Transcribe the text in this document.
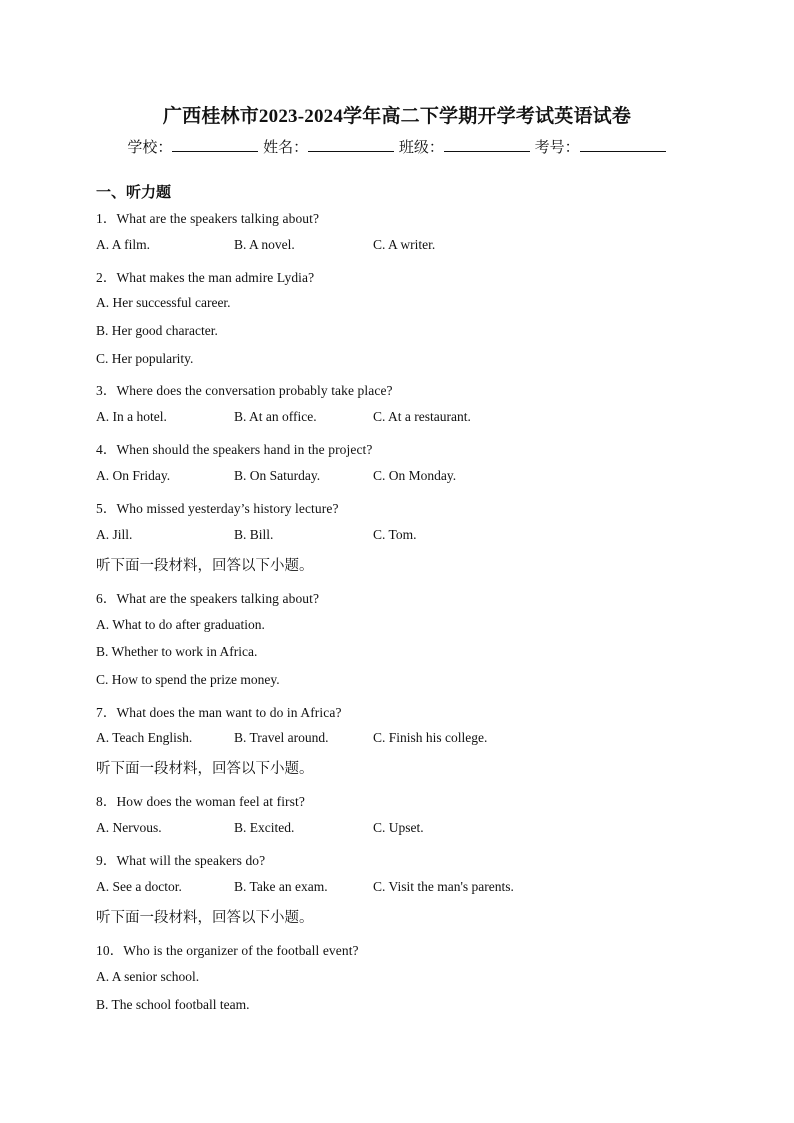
广西桂林市2023-2024学年高二下学期开学考试英语试卷
学校：	姓名：	班级：	考号：
一、听力题
1．What are the speakers talking about?
A. A film.	B. A novel.	C. A writer.
2．What makes the man admire Lydia?
A. Her successful career.
B. Her good character.
C. Her popularity.
3．Where does the conversation probably take place?
A. In a hotel.	B. At an office.	C. At a restaurant.
4．When should the speakers hand in the project?
A. On Friday.	B. On Saturday.	C. On Monday.
5．Who missed yesterday’s history lecture?
A. Jill.	B. Bill.	C. Tom.
听下面一段材料，回答以下小题。
6．What are the speakers talking about?
A. What to do after graduation.
B. Whether to work in Africa.
C. How to spend the prize money.
7．What does the man want to do in Africa?
A. Teach English.	B. Travel around.	C. Finish his college.
听下面一段材料，回答以下小题。
8．How does the woman feel at first?
A. Nervous.	B. Excited.	C. Upset.
9．What will the speakers do?
A. See a doctor.	B. Take an exam.	C. Visit the man's parents.
听下面一段材料，回答以下小题。
10．Who is the organizer of the football event?
A. A senior school.
B. The school football team.
